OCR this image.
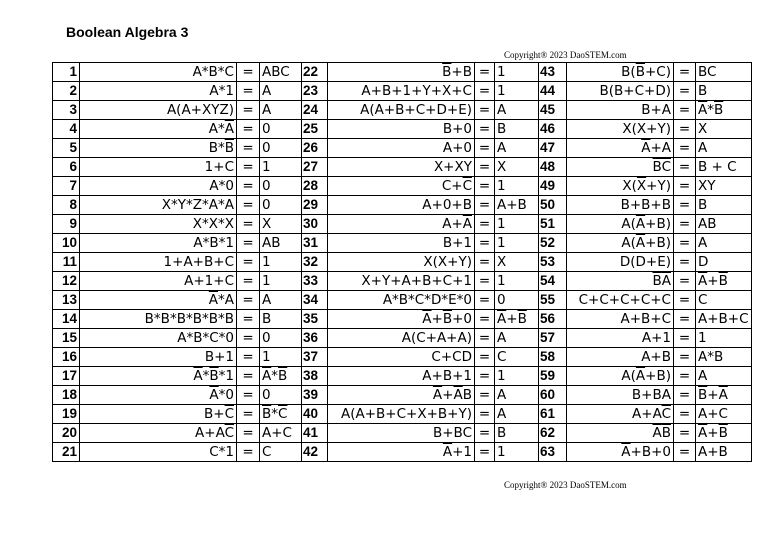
Boolean Algebra 3
Copyright® 2023 DaoSTEM.com
1	A*B*C	=	ABC	22	$\overline{B}+B$	=	1	43	$B(\overline{B}+C)$	=	BC
2	A*1	=	A	23	A+B+1+Y+X+C	=	1	44	B(B+C+D)	=	B
3	A(A+XYZ)	=	A	24	A(A+B+C+D+E)	=	A	45	B+A	=	$\overline{A}*\overline{B}$
4	$A*\overline{A}$	=	0	25	B+0	=	B	46	X(X+Y)	=	X
5	$B*\overline{B}$	=	0	26	A+0	=	A	47	$\overline{A}+A$	=	A
6	1+C	=	1	27	X+XY	=	X	48	$\overline{B}\overline{C}$	=	B + C
7	A*0	=	0	28	$C+\overline{C}$	=	1	49	$X(\overline{X}+Y)$	=	XY
8	X*Y*Z*A*A	=	0	29	A+0+B	=	A+B	50	B+B+B	=	B
9	X*X*X	=	X	30	$A+\overline{A}$	=	1	51	$A(\overline{A}+B)$	=	AB
10	A*B*1	=	AB	31	B+1	=	1	52	$A(\overline{A}+B)$	=	A
11	1+A+B+C	=	1	32	X(X+Y)	=	X	53	D(D+E)	=	D
12	A+1+C	=	1	33	X+Y+A+B+C+1	=	1	54	$\overline{B}\overline{A}$	=	$\overline{A}+\overline{B}$
13	$\overline{A}*A$	=	A	34	A*B*C*D*E*0	=	0	55	C+C+C+C+C	=	C
14	B*B*B*B*B*B	=	B	35	$\overline{A}+\overline{B}+0$	=	$\overline{A}+\overline{B}$	56	A+B+C	=	A+B+C
15	A*B*C*0	=	0	36	A(C+A+A)	=	A	57	A+1	=	1
16	B+1	=	1	37	C+CD	=	C	58	A+B	=	A*B
17	$\overline{A}*\overline{B}*1$	=	$\overline{A}*\overline{B}$	38	A+B+1	=	1	59	$A(\overline{A}+B)$	=	A
18	$\overline{A}*0$	=	0	39	$\overline{A}+\overline{A}B$	=	A	60	B+BA	=	$\overline{B}+\overline{A}$
19	$B+\overline{C}$	=	$\overline{B}*\overline{C}$	40	A(A+B+C+X+B+Y)	=	A	61	$A+A\overline{C}$	=	A+C
20	$A+A\overline{C}$	=	A+C	41	B+BC	=	B	62	$\overline{A}\overline{B}$	=	$\overline{A}+\overline{B}$
21	C*1	=	C	42	$\overline{A}+1$	=	1	63	$\overline{A}+B+0$	=	A+B
Copyright® 2023 DaoSTEM.com
